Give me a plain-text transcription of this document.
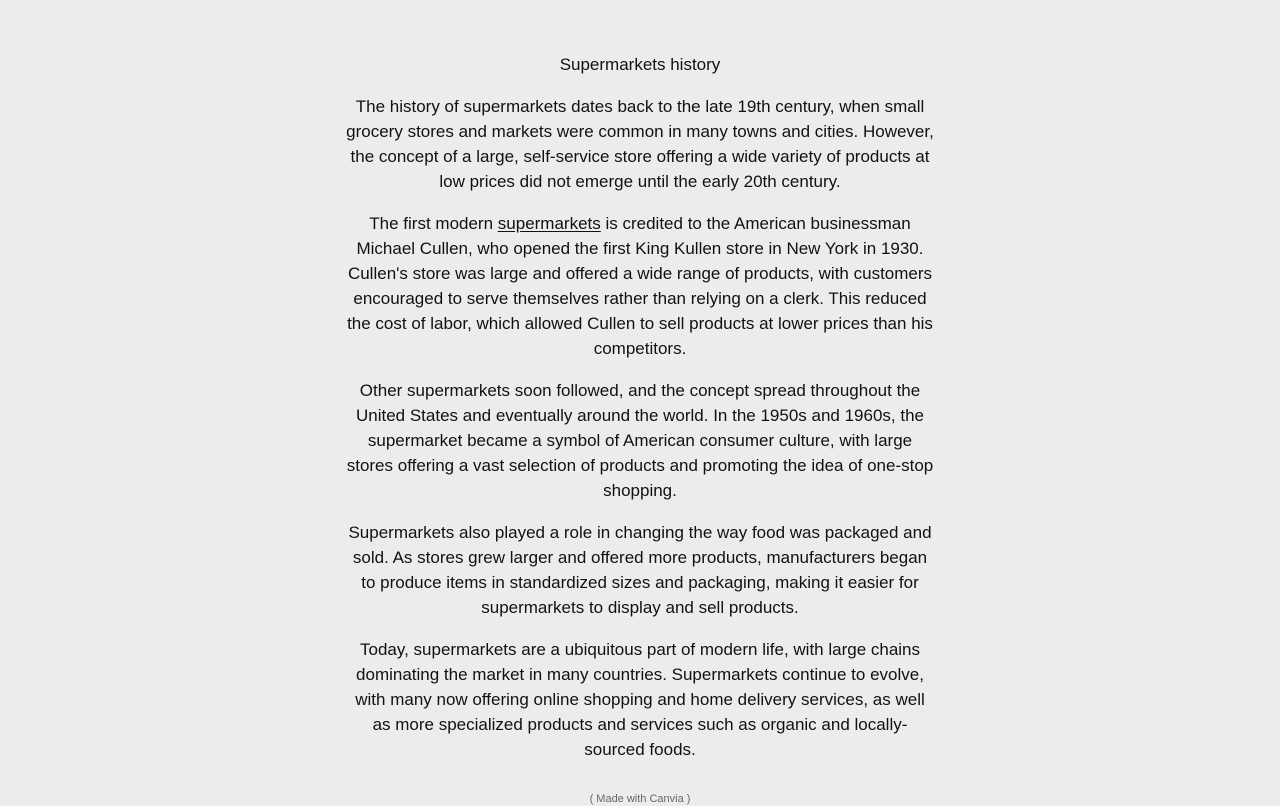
Supermarkets history

The history of supermarkets dates back to the late 19th century, when small grocery stores and markets were common in many towns and cities. However, the concept of a large, self-service store offering a wide variety of products at low prices did not emerge until the early 20th century.

The first modern supermarkets is credited to the American businessman Michael Cullen, who opened the first King Kullen store in New York in 1930. Cullen's store was large and offered a wide range of products, with customers encouraged to serve themselves rather than relying on a clerk. This reduced the cost of labor, which allowed Cullen to sell products at lower prices than his competitors.

Other supermarkets soon followed, and the concept spread throughout the United States and eventually around the world. In the 1950s and 1960s, the supermarket became a symbol of American consumer culture, with large stores offering a vast selection of products and promoting the idea of one-stop shopping.

Supermarkets also played a role in changing the way food was packaged and sold. As stores grew larger and offered more products, manufacturers began to produce items in standardized sizes and packaging, making it easier for supermarkets to display and sell products.

Today, supermarkets are a ubiquitous part of modern life, with large chains dominating the market in many countries. Supermarkets continue to evolve, with many now offering online shopping and home delivery services, as well as more specialized products and services such as organic and locally-sourced foods.

( Made with Canvia )
